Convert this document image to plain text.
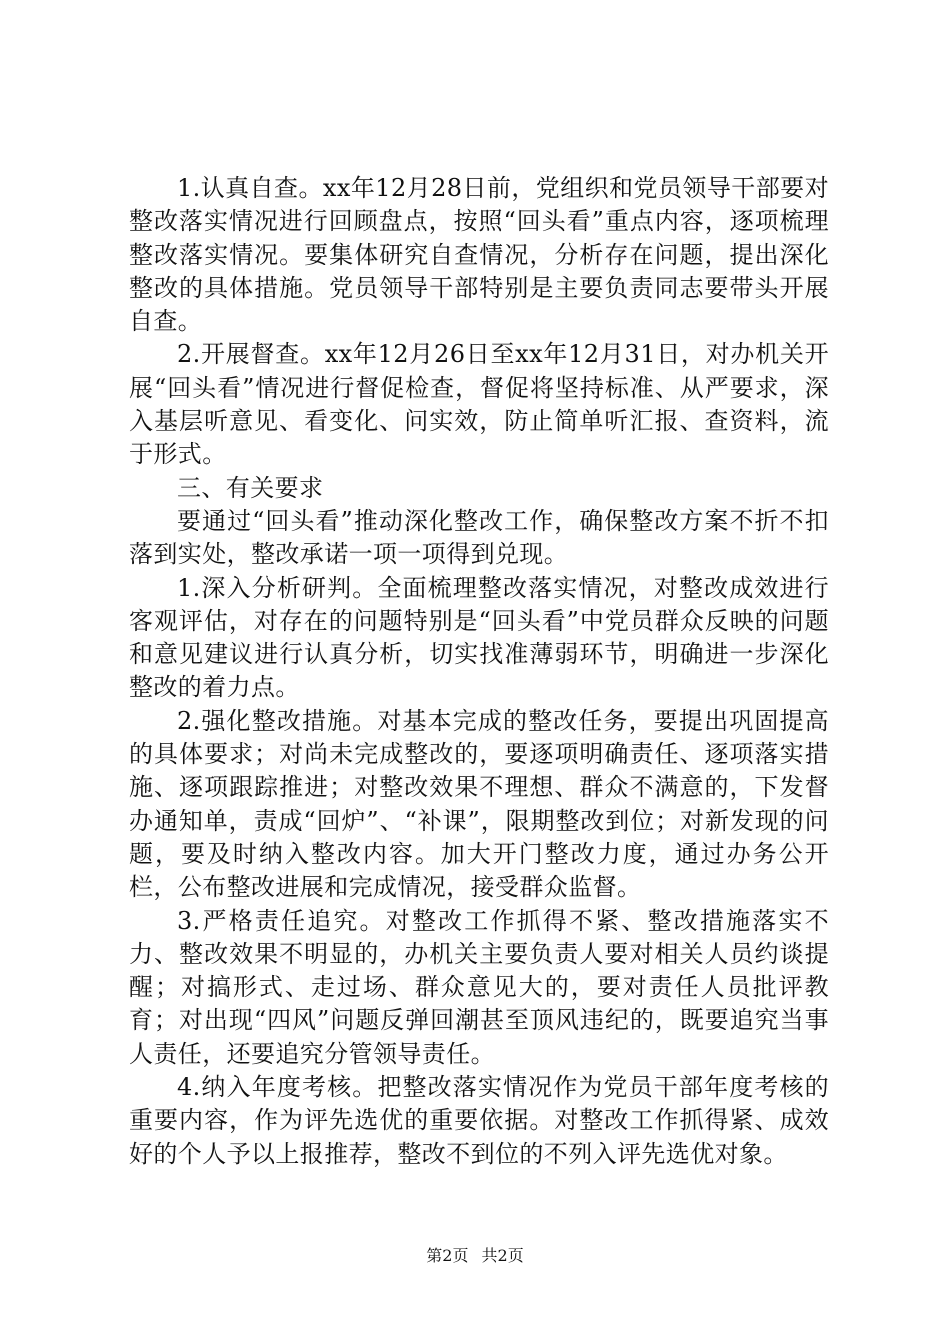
1.认真自查。xx年12月28日前，党组织和党员领导干部要对整改落实情况进行回顾盘点，按照“回头看”重点内容，逐项梳理整改落实情况。要集体研究自查情况，分析存在问题，提出深化整改的具体措施。党员领导干部特别是主要负责同志要带头开展自查。

2.开展督查。xx年12月26日至xx年12月31日，对办机关开展“回头看”情况进行督促检查，督促将坚持标准、从严要求，深入基层听意见、看变化、问实效，防止简单听汇报、查资料，流于形式。

三、有关要求

要通过“回头看”推动深化整改工作，确保整改方案不折不扣落到实处，整改承诺一项一项得到兑现。

1.深入分析研判。全面梳理整改落实情况，对整改成效进行客观评估，对存在的问题特别是“回头看”中党员群众反映的问题和意见建议进行认真分析，切实找准薄弱环节，明确进一步深化整改的着力点。

2.强化整改措施。对基本完成的整改任务，要提出巩固提高的具体要求；对尚未完成整改的，要逐项明确责任、逐项落实措施、逐项跟踪推进；对整改效果不理想、群众不满意的，下发督办通知单，责成“回炉”、“补课”，限期整改到位；对新发现的问题，要及时纳入整改内容。加大开门整改力度，通过办务公开栏，公布整改进展和完成情况，接受群众监督。

3.严格责任追究。对整改工作抓得不紧、整改措施落实不力、整改效果不明显的，办机关主要负责人要对相关人员约谈提醒；对搞形式、走过场、群众意见大的，要对责任人员批评教育；对出现“四风”问题反弹回潮甚至顶风违纪的，既要追究当事人责任，还要追究分管领导责任。

4.纳入年度考核。把整改落实情况作为党员干部年度考核的重要内容，作为评先选优的重要依据。对整改工作抓得紧、成效好的个人予以上报推荐，整改不到位的不列入评先选优对象。

第2页 共2页
